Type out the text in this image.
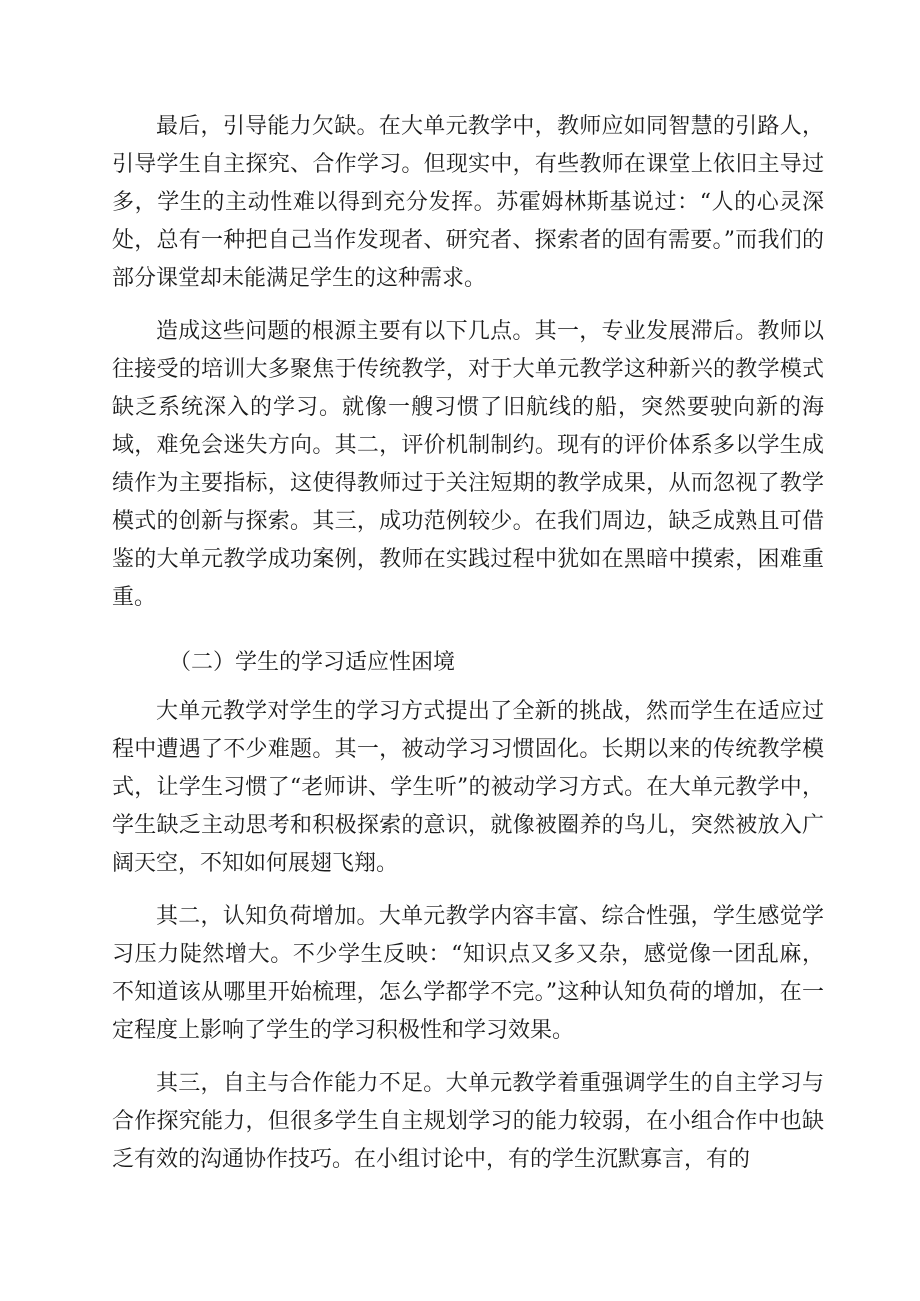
最后，引导能力欠缺。在大单元教学中，教师应如同智慧的引路人，引导学生自主探究、合作学习。但现实中，有些教师在课堂上依旧主导过多，学生的主动性难以得到充分发挥。苏霍姆林斯基说过：“人的心灵深处，总有一种把自己当作发现者、研究者、探索者的固有需要。”而我们的部分课堂却未能满足学生的这种需求。

造成这些问题的根源主要有以下几点。其一，专业发展滞后。教师以往接受的培训大多聚焦于传统教学，对于大单元教学这种新兴的教学模式缺乏系统深入的学习。就像一艘习惯了旧航线的船，突然要驶向新的海域，难免会迷失方向。其二，评价机制制约。现有的评价体系多以学生成绩作为主要指标，这使得教师过于关注短期的教学成果，从而忽视了教学模式的创新与探索。其三，成功范例较少。在我们周边，缺乏成熟且可借鉴的大单元教学成功案例，教师在实践过程中犹如在黑暗中摸索，困难重重。

（二）学生的学习适应性困境

大单元教学对学生的学习方式提出了全新的挑战，然而学生在适应过程中遭遇了不少难题。其一，被动学习习惯固化。长期以来的传统教学模式，让学生习惯了“老师讲、学生听”的被动学习方式。在大单元教学中，学生缺乏主动思考和积极探索的意识，就像被圈养的鸟儿，突然被放入广阔天空，不知如何展翅飞翔。

其二，认知负荷增加。大单元教学内容丰富、综合性强，学生感觉学习压力陡然增大。不少学生反映：“知识点又多又杂，感觉像一团乱麻，不知道该从哪里开始梳理，怎么学都学不完。”这种认知负荷的增加，在一定程度上影响了学生的学习积极性和学习效果。

其三，自主与合作能力不足。大单元教学着重强调学生的自主学习与合作探究能力，但很多学生自主规划学习的能力较弱，在小组合作中也缺乏有效的沟通协作技巧。在小组讨论中，有的学生沉默寡言，有的
